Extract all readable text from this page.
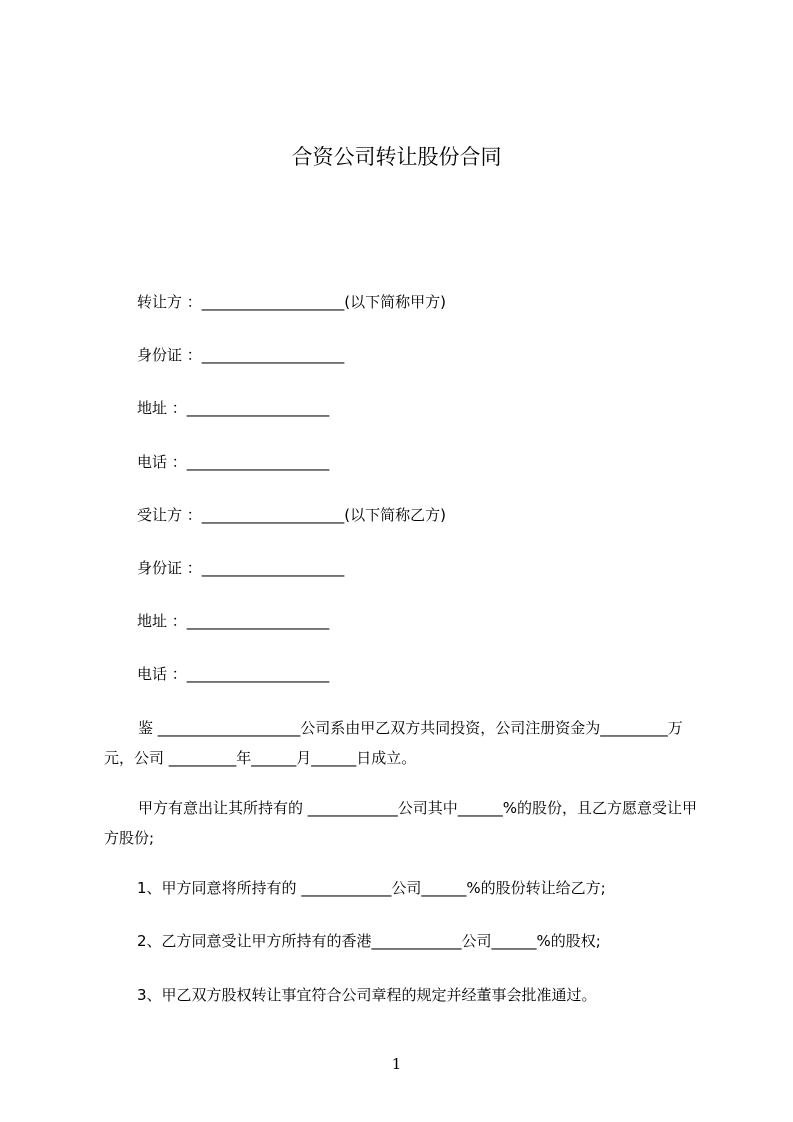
合资公司转让股份合同
转让方 ：___________________(以下简称甲方)
身份证 ：___________________
地址 ：___________________
电话 ：___________________
受让方 ：___________________(以下简称乙方)
身份证 ：___________________
地址 ：___________________
电话 ：___________________
鉴 ___________________公司系由甲乙双方共同投资，公司注册资金为_________万元，公司 _________年______月______日成立。
甲方有意出让其所持有的 ____________公司其中______%的股份，且乙方愿意受让甲方股份;
1、甲方同意将所持有的 ____________公司______%的股份转让给乙方;
2、乙方同意受让甲方所持有的香港____________公司______%的股权;
3、甲乙双方股权转让事宜符合公司章程的规定并经董事会批准通过。
1
